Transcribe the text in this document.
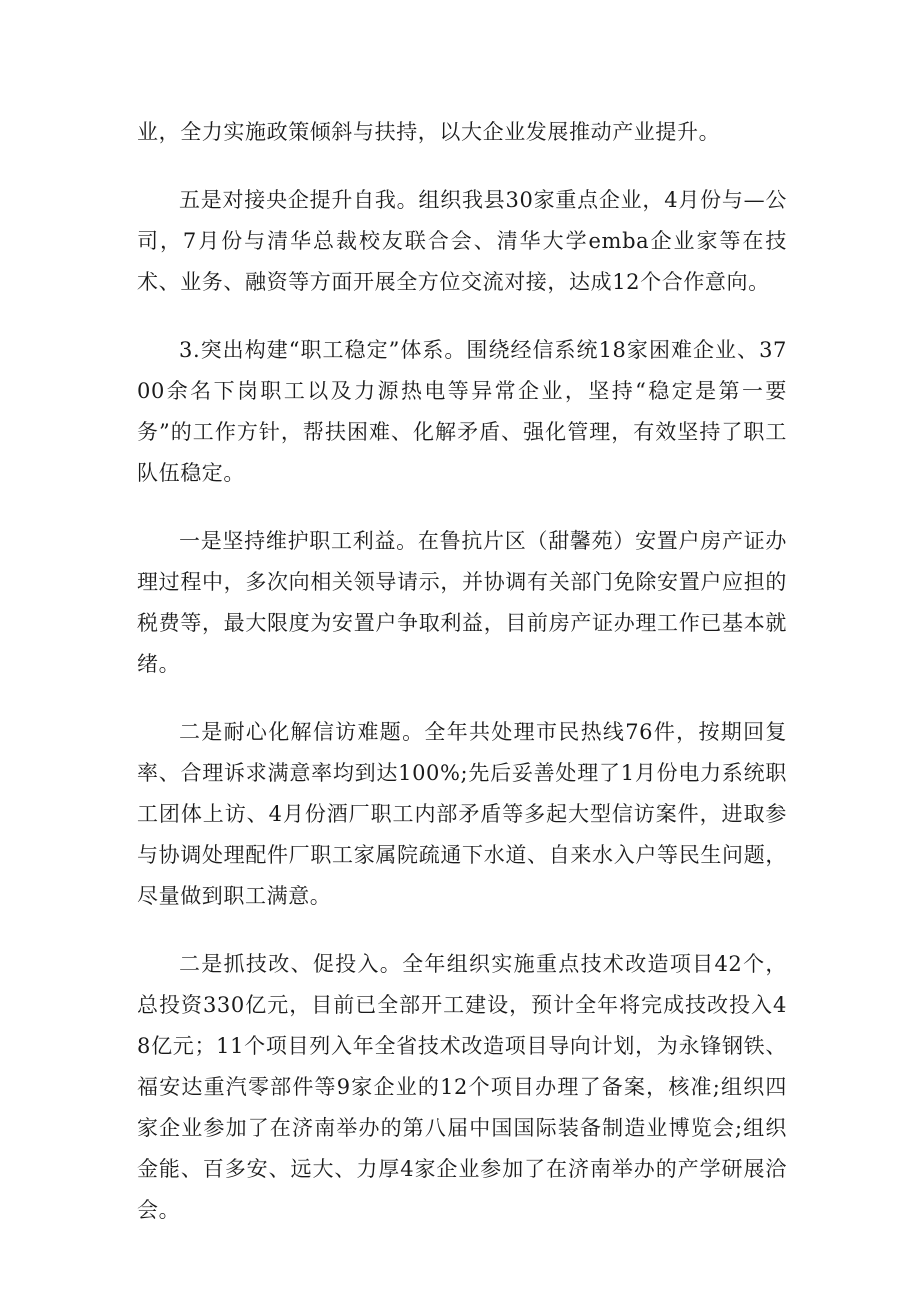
业，全力实施政策倾斜与扶持，以大企业发展推动产业提升。

五是对接央企提升自我。组织我县30家重点企业，4月份与—公司，7月份与清华总裁校友联合会、清华大学emba企业家等在技术、业务、融资等方面开展全方位交流对接，达成12个合作意向。

3.突出构建“职工稳定”体系。围绕经信系统18家困难企业、3700余名下岗职工以及力源热电等异常企业，坚持“稳定是第一要务”的工作方针，帮扶困难、化解矛盾、强化管理，有效坚持了职工队伍稳定。

一是坚持维护职工利益。在鲁抗片区（甜馨苑）安置户房产证办理过程中，多次向相关领导请示，并协调有关部门免除安置户应担的税费等，最大限度为安置户争取利益，目前房产证办理工作已基本就绪。

二是耐心化解信访难题。全年共处理市民热线76件，按期回复率、合理诉求满意率均到达100%;先后妥善处理了1月份电力系统职工团体上访、4月份酒厂职工内部矛盾等多起大型信访案件，进取参与协调处理配件厂职工家属院疏通下水道、自来水入户等民生问题，尽量做到职工满意。

二是抓技改、促投入。全年组织实施重点技术改造项目42个，总投资330亿元，目前已全部开工建设，预计全年将完成技改投入48亿元；11个项目列入年全省技术改造项目导向计划，为永锋钢铁、福安达重汽零部件等9家企业的12个项目办理了备案，核准;组织四家企业参加了在济南举办的第八届中国国际装备制造业博览会;组织金能、百多安、远大、力厚4家企业参加了在济南举办的产学研展洽会。
